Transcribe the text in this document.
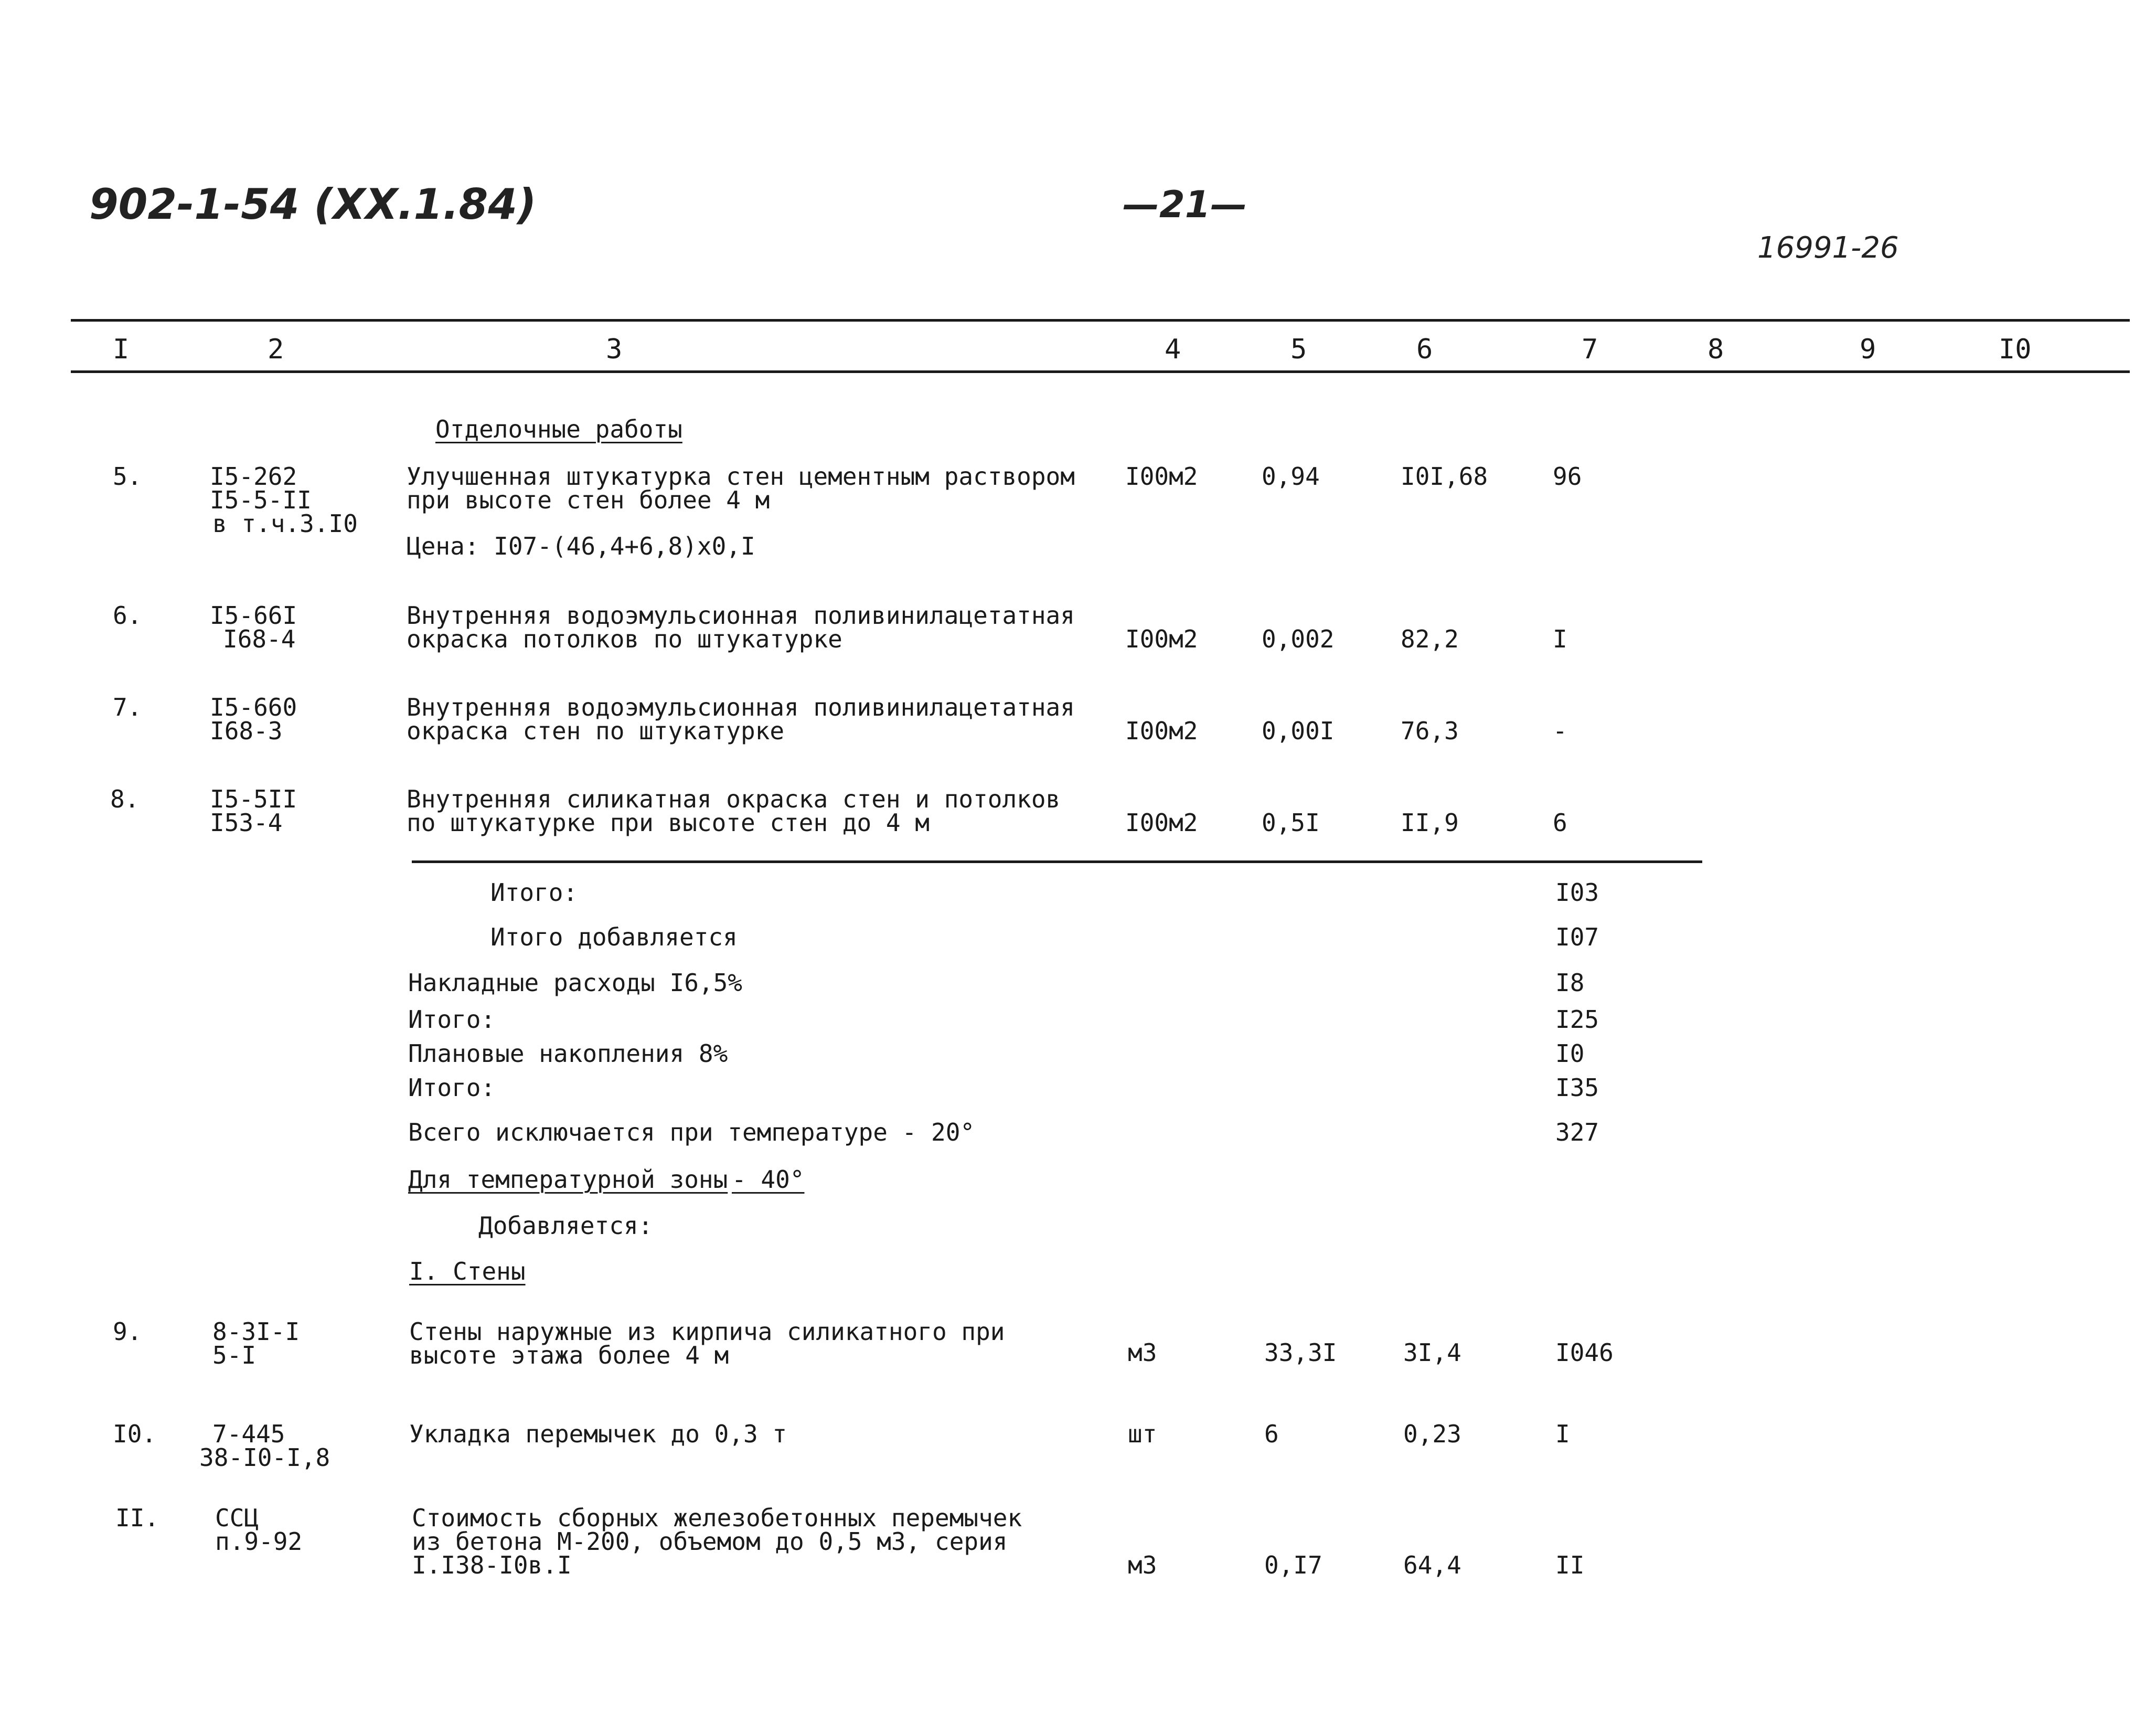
902-1-54 (XX.1.84)	—21—
16991-26
I	2	3	4	5	6	7	8	9	I0
Отделочные работы
5.	I5-262
I5-5-II
в т.ч.3.I0
Улучшенная штукатурка стен цементным раствором
при высоте стен более 4 м
Цена: I07-(46,4+6,8)х0,I
I00м2	0,94	I0I,68	96
6.	I5-66I
I68-4
Внутренняя водоэмульсионная поливинилацетатная
окраска потолков по штукатурке	I00м2	0,002	82,2	I
7.	I5-660
I68-3
Внутренняя водоэмульсионная поливинилацетатная
окраска стен по штукатурке	I00м2	0,00I	76,3	-
8.	I5-5II
I53-4
Внутренняя силикатная окраска стен и потолков
по штукатурке при высоте стен до 4 м	I00м2	0,5I	II,9	6
Итого:	I03
Итого добавляется	I07
Накладные расходы I6,5%	I8
Итого:	I25
Плановые накопления 8%	I0
Итого:	I35
Всего исключается при температуре - 20°	327
Для температурной зоны - 40°
Добавляется:
I. Стены
9.	8-3I-I
5-I
Стены наружные из кирпича силикатного при
высоте этажа более 4 м	м3	33,3I	3I,4	I046
I0. 7-445
38-I0-I,8
Укладка перемычек до 0,3 т	шт	6	0,23	I
II. ССЦ
п.9-92
Стоимость сборных железобетонных перемычек
из бетона М-200, объемом до 0,5 м3, серия
I.I38-I0в.I	м3	0,I7	64,4	II
